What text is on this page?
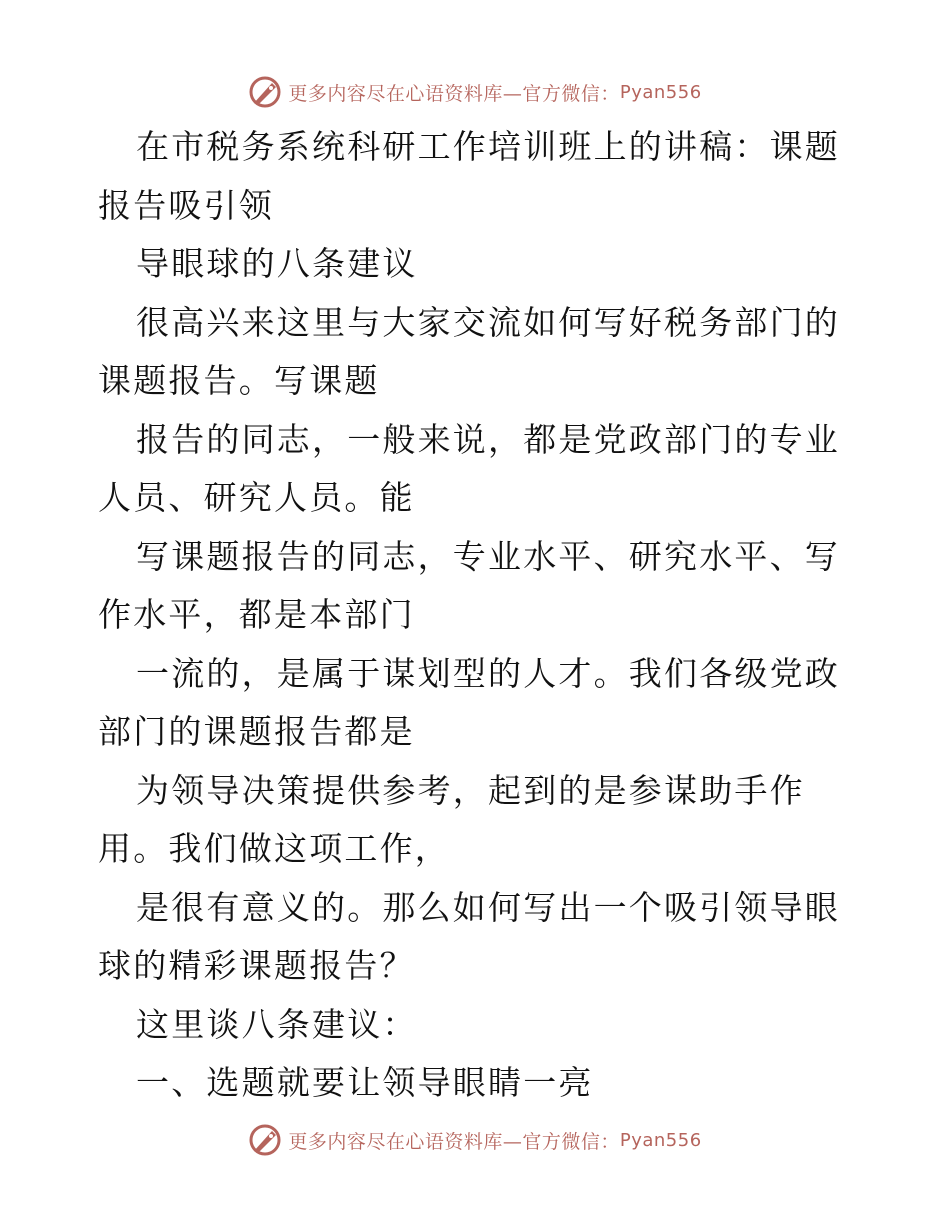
更多内容尽在心语资料库—官方微信： Pyan556

在市税务系统科研工作培训班上的讲稿：课题报告吸引领

导眼球的八条建议

很高兴来这里与大家交流如何写好税务部门的课题报告。写课题

报告的同志，一般来说，都是党政部门的专业人员、研究人员。能

写课题报告的同志，专业水平、研究水平、写作水平，都是本部门

一流的，是属于谋划型的人才。我们各级党政部门的课题报告都是

为领导决策提供参考，起到的是参谋助手作用。我们做这项工作，

是很有意义的。那么如何写出一个吸引领导眼球的精彩课题报告？

这里谈八条建议：

一、选题就要让领导眼睛一亮

更多内容尽在心语资料库—官方微信： Pyan556
